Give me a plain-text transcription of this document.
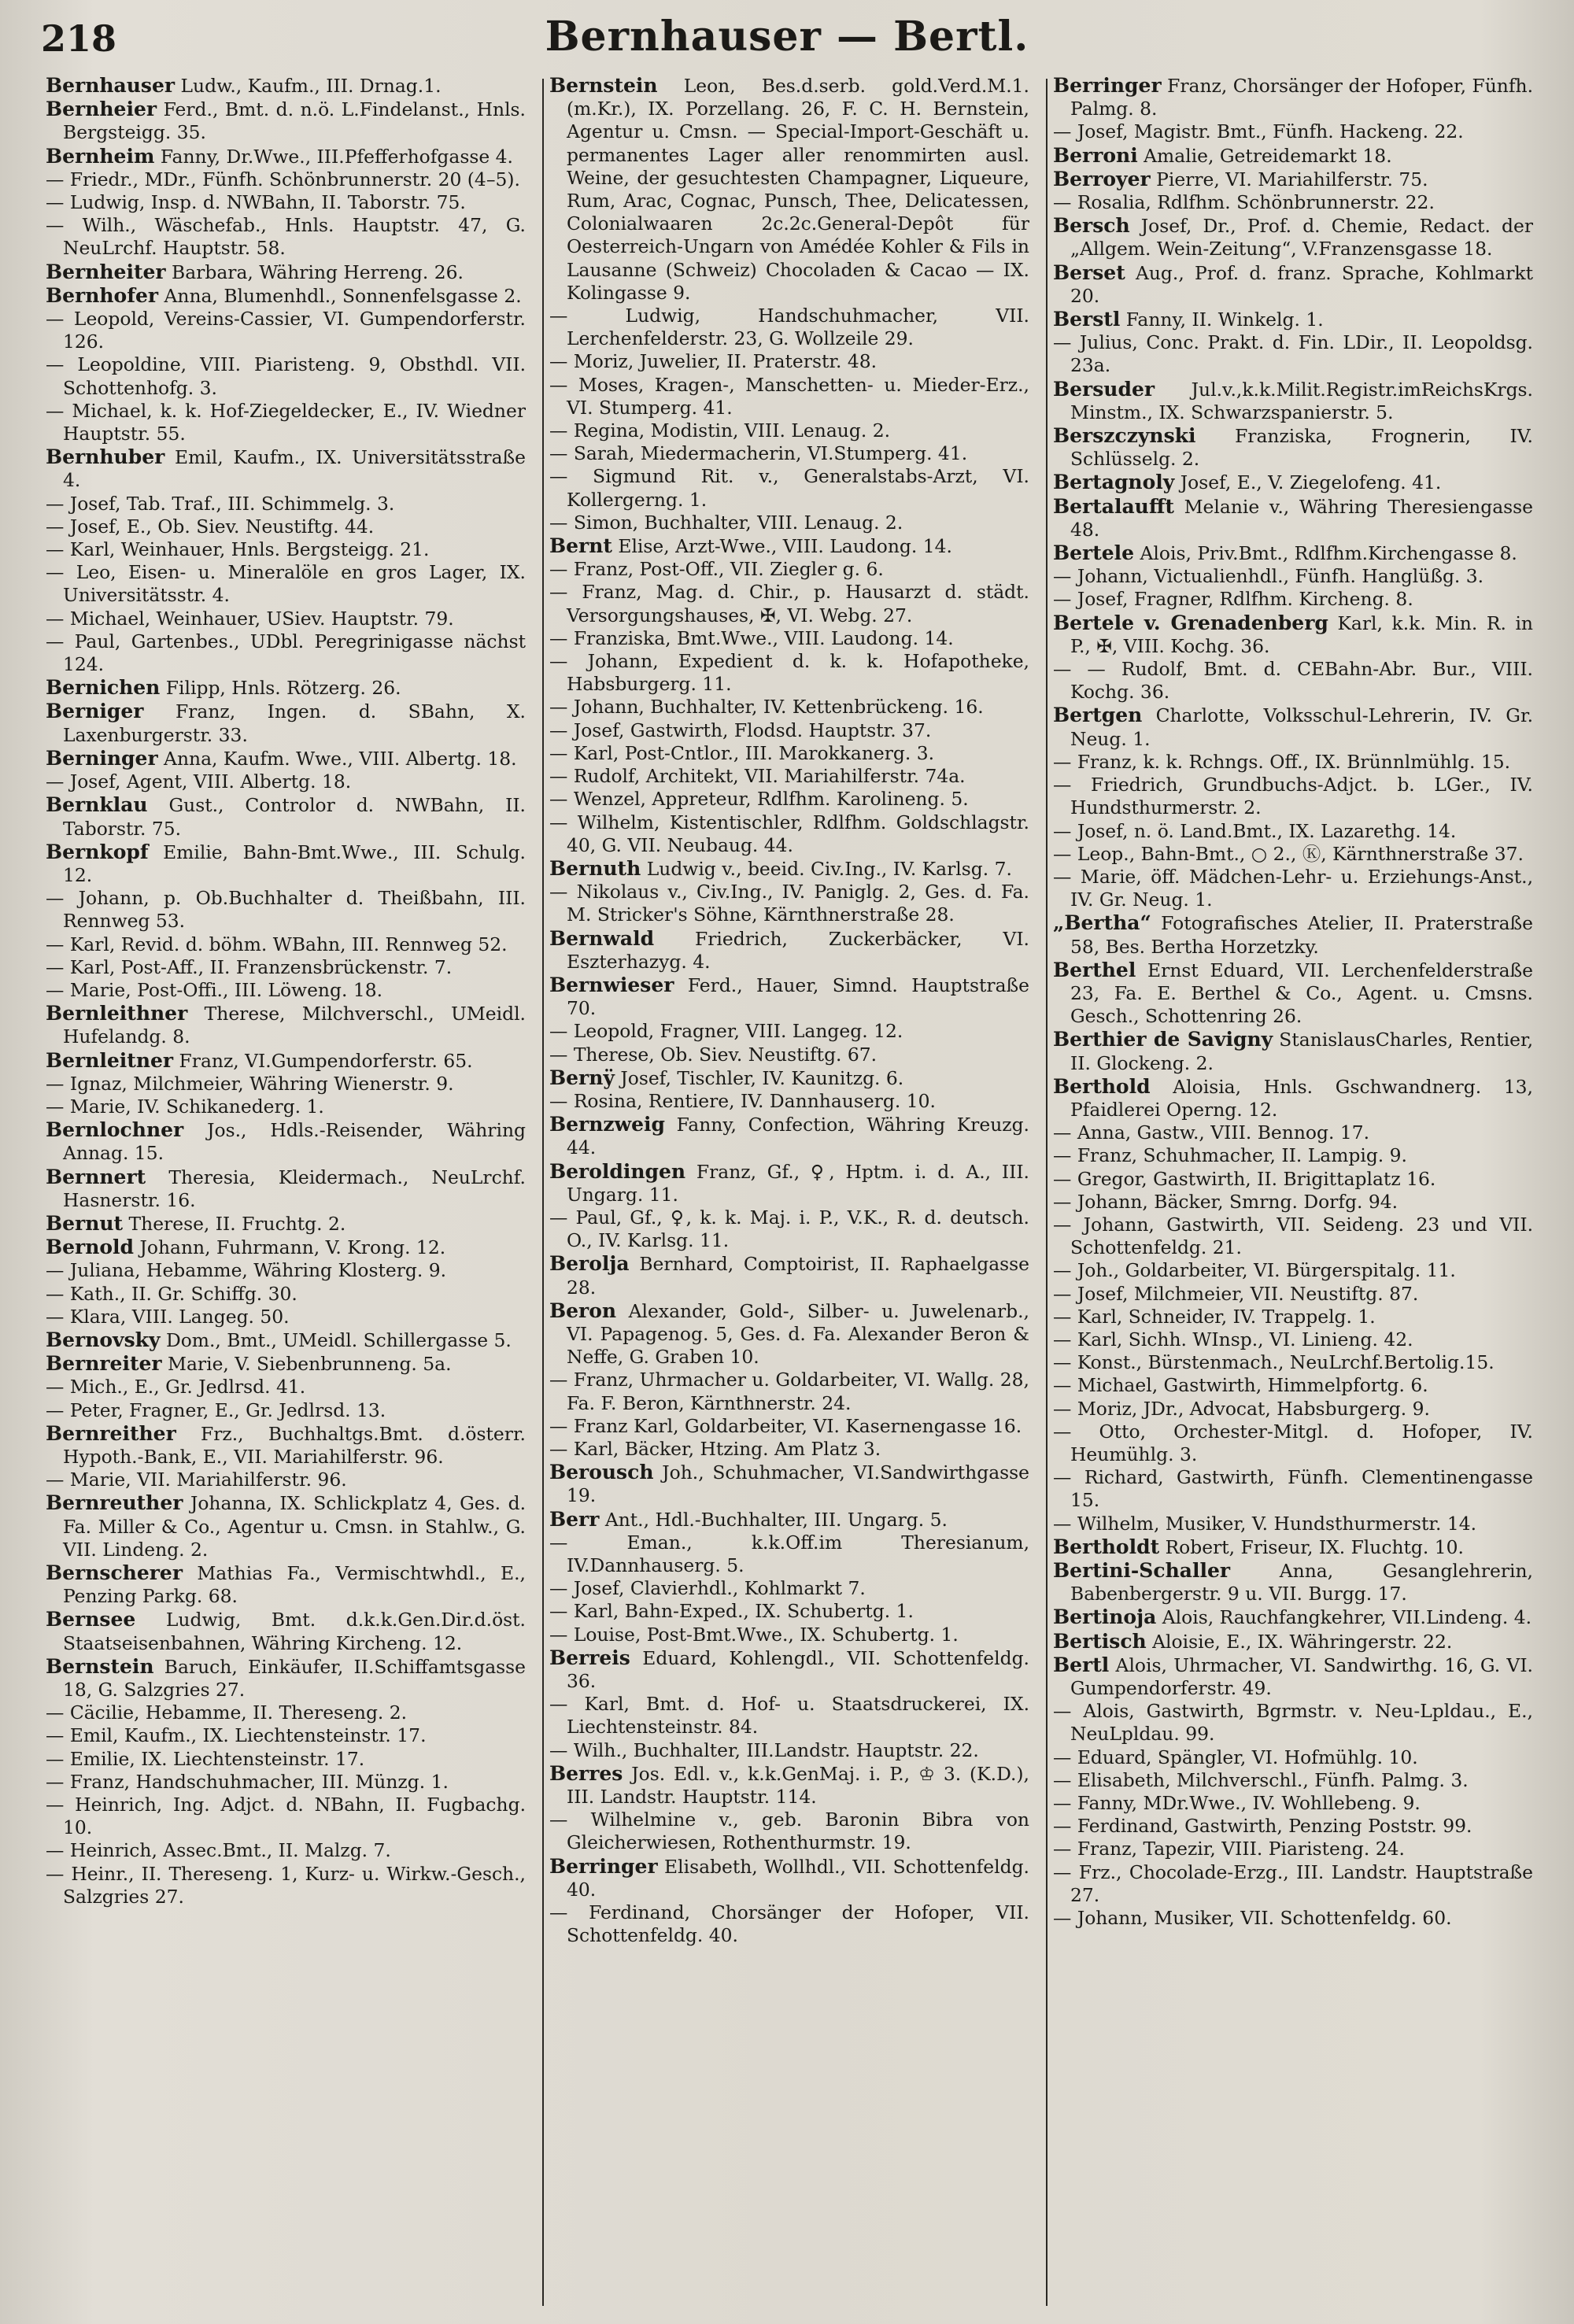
218	Bernhauser — Bertl.

Bernhauser Ludw., Kaufm., III. Drnag.1.

Bernheier Ferd., Bmt. d. n.ö. L.Findelanst., Hnls. Bergsteigg. 35.

Bernheim Fanny, Dr.Wwe., III.Pfefferhofgasse 4.

— Friedr., MDr., Fünfh. Schönbrunnerstr. 20 (4–5).

— Ludwig, Insp. d. NWBahn, II. Taborstr. 75.

— Wilh., Wäschefab., Hnls. Hauptstr. 47, G. NeuLrchf. Hauptstr. 58.

Bernheiter Barbara, Währing Herreng. 26.

Bernhofer Anna, Blumenhdl., Sonnenfelsgasse 2.

— Leopold, Vereins-Cassier, VI. Gumpendorferstr. 126.

— Leopoldine, VIII. Piaristeng. 9, Obsthdl. VII. Schottenhofg. 3.

— Michael, k. k. Hof-Ziegeldecker, E., IV. Wiedner Hauptstr. 55.

Bernhuber Emil, Kaufm., IX. Universitätsstraße 4.

— Josef, Tab. Traf., III. Schimmelg. 3.

— Josef, E., Ob. Siev. Neustiftg. 44.

— Karl, Weinhauer, Hnls. Bergsteigg. 21.

— Leo, Eisen- u. Mineralöle en gros Lager, IX. Universitätsstr. 4.

— Michael, Weinhauer, USiev. Hauptstr. 79.

— Paul, Gartenbes., UDbl. Peregrinigasse nächst 124.

Bernichen Filipp, Hnls. Rötzerg. 26.

Berniger Franz, Ingen. d. SBahn, X. Laxenburgerstr. 33.

Berninger Anna, Kaufm. Wwe., VIII. Albertg. 18.

— Josef, Agent, VIII. Albertg. 18.

Bernklau Gust., Controlor d. NWBahn, II. Taborstr. 75.

Bernkopf Emilie, Bahn-Bmt.Wwe., III. Schulg. 12.

— Johann, p. Ob.Buchhalter d. Theißbahn, III. Rennweg 53.

— Karl, Revid. d. böhm. WBahn, III. Rennweg 52.

— Karl, Post-Aff., II. Franzensbrückenstr. 7.

— Marie, Post-Offi., III. Löweng. 18.

Bernleithner Therese, Milchverschl., UMeidl. Hufelandg. 8.

Bernleitner Franz, VI.Gumpendorferstr. 65.

— Ignaz, Milchmeier, Währing Wienerstr. 9.

— Marie, IV. Schikanederg. 1.

Bernlochner Jos., Hdls.-Reisender, Währing Annag. 15.

Bernnert Theresia, Kleidermach., NeuLrchf. Hasnerstr. 16.

Bernut Therese, II. Fruchtg. 2.

Bernold Johann, Fuhrmann, V. Krong. 12.

— Juliana, Hebamme, Währing Klosterg. 9.

— Kath., II. Gr. Schiffg. 30.

— Klara, VIII. Langeg. 50.

Bernovsky Dom., Bmt., UMeidl. Schillergasse 5.

Bernreiter Marie, V. Siebenbrunneng. 5a.

— Mich., E., Gr. Jedlrsd. 41.

— Peter, Fragner, E., Gr. Jedlrsd. 13.

Bernreither Frz., Buchhaltgs.Bmt. d.österr. Hypoth.-Bank, E., VII. Mariahilferstr. 96.

— Marie, VII. Mariahilferstr. 96.

Bernreuther Johanna, IX. Schlickplatz 4, Ges. d. Fa. Miller & Co., Agentur u. Cmsn. in Stahlw., G. VII. Lindeng. 2.

Bernscherer Mathias Fa., Vermischtwhdl., E., Penzing Parkg. 68.

Bernsee Ludwig, Bmt. d.k.k.Gen.Dir.d.öst. Staatseisenbahnen, Währing Kircheng. 12.

Bernstein Baruch, Einkäufer, II.Schiffamtsgasse 18, G. Salzgries 27.

— Cäcilie, Hebamme, II. Thereseng. 2.

— Emil, Kaufm., IX. Liechtensteinstr. 17.

— Emilie, IX. Liechtensteinstr. 17.

— Franz, Handschuhmacher, III. Münzg. 1.

— Heinrich, Ing. Adjct. d. NBahn, II. Fugbachg. 10.

— Heinrich, Assec.Bmt., II. Malzg. 7.

— Heinr., II. Thereseng. 1, Kurz- u. Wirkw.-Gesch., Salzgries 27.

Bernstein Leon, Bes.d.serb. gold.Verd.M.1. (m.Kr.), IX. Porzellang. 26, F. C. H. Bernstein, Agentur u. Cmsn. — Special-Import-Geschäft u. permanentes Lager aller renommirten ausl. Weine, der gesuchtesten Champagner, Liqueure, Rum, Arac, Cognac, Punsch, Thee, Delicatessen, Colonialwaaren 2c.2c.General-Depôt für Oesterreich-Ungarn von Amédée Kohler & Fils in Lausanne (Schweiz) Chocoladen & Cacao — IX. Kolingasse 9.

— Ludwig, Handschuhmacher, VII. Lerchenfelderstr. 23, G. Wollzeile 29.

— Moriz, Juwelier, II. Praterstr. 48.

— Moses, Kragen-, Manschetten- u. Mieder-Erz., VI. Stumperg. 41.

— Regina, Modistin, VIII. Lenaug. 2.

— Sarah, Miedermacherin, VI.Stumperg. 41.

— Sigmund Rit. v., Generalstabs-Arzt, VI. Kollergerng. 1.

— Simon, Buchhalter, VIII. Lenaug. 2.

Bernt Elise, Arzt-Wwe., VIII. Laudong. 14.

— Franz, Post-Off., VII. Ziegler g. 6.

— Franz, Mag. d. Chir., p. Hausarzt d. städt. Versorgungshauses, ✠, VI. Webg. 27.

— Franziska, Bmt.Wwe., VIII. Laudong. 14.

— Johann, Expedient d. k. k. Hofapotheke, Habsburgerg. 11.

— Johann, Buchhalter, IV. Kettenbrückeng. 16.

— Josef, Gastwirth, Flodsd. Hauptstr. 37.

— Karl, Post-Cntlor., III. Marokkanerg. 3.

— Rudolf, Architekt, VII. Mariahilferstr. 74a.

— Wenzel, Appreteur, Rdlfhm. Karolineng. 5.

— Wilhelm, Kistentischler, Rdlfhm. Goldschlagstr. 40, G. VII. Neubaug. 44.

Bernuth Ludwig v., beeid. Civ.Ing., IV. Karlsg. 7.

— Nikolaus v., Civ.Ing., IV. Paniglg. 2, Ges. d. Fa. M. Stricker's Söhne, Kärnthnerstraße 28.

Bernwald Friedrich, Zuckerbäcker, VI. Eszterhazyg. 4.

Bernwieser Ferd., Hauer, Simnd. Hauptstraße 70.

— Leopold, Fragner, VIII. Langeg. 12.

— Therese, Ob. Siev. Neustiftg. 67.

Bernÿ Josef, Tischler, IV. Kaunitzg. 6.

— Rosina, Rentiere, IV. Dannhauserg. 10.

Bernzweig Fanny, Confection, Währing Kreuzg. 44.

Beroldingen Franz, Gf., ♀, Hptm. i. d. A., III. Ungarg. 11.

— Paul, Gf., ♀, k. k. Maj. i. P., V.K., R. d. deutsch. O., IV. Karlsg. 11.

Berolja Bernhard, Comptoirist, II. Raphaelgasse 28.

Beron Alexander, Gold-, Silber- u. Juwelenarb., VI. Papagenog. 5, Ges. d. Fa. Alexander Beron & Neffe, G. Graben 10.

— Franz, Uhrmacher u. Goldarbeiter, VI. Wallg. 28, Fa. F. Beron, Kärnthnerstr. 24.

— Franz Karl, Goldarbeiter, VI. Kasernengasse 16.

— Karl, Bäcker, Htzing. Am Platz 3.

Berousch Joh., Schuhmacher, VI.Sandwirthgasse 19.

Berr Ant., Hdl.-Buchhalter, III. Ungarg. 5.

— Eman., k.k.Off.im Theresianum, IV.Dannhauserg. 5.

— Josef, Clavierhdl., Kohlmarkt 7.

— Karl, Bahn-Exped., IX. Schubertg. 1.

— Louise, Post-Bmt.Wwe., IX. Schubertg. 1.

Berreis Eduard, Kohlengdl., VII. Schottenfeldg. 36.

— Karl, Bmt. d. Hof- u. Staatsdruckerei, IX. Liechtensteinstr. 84.

— Wilh., Buchhalter, III.Landstr. Hauptstr. 22.

Berres Jos. Edl. v., k.k.GenMaj. i. P., ♔ 3. (K.D.), III. Landstr. Hauptstr. 114.

— Wilhelmine v., geb. Baronin Bibra von Gleicherwiesen, Rothenthurmstr. 19.

Berringer Elisabeth, Wollhdl., VII. Schottenfeldg. 40.

— Ferdinand, Chorsänger der Hofoper, VII. Schottenfeldg. 40.

Berringer Franz, Chorsänger der Hofoper, Fünfh. Palmg. 8.

— Josef, Magistr. Bmt., Fünfh. Hackeng. 22.

Berroni Amalie, Getreidemarkt 18.

Berroyer Pierre, VI. Mariahilferstr. 75.

— Rosalia, Rdlfhm. Schönbrunnerstr. 22.

Bersch Josef, Dr., Prof. d. Chemie, Redact. der „Allgem. Wein-Zeitung“, V.Franzensgasse 18.

Berset Aug., Prof. d. franz. Sprache, Kohlmarkt 20.

Berstl Fanny, II. Winkelg. 1.

— Julius, Conc. Prakt. d. Fin. LDir., II. Leopoldsg. 23a.

Bersuder Jul.v.,k.k.Milit.Registr.imReichsKrgs. Minstm., IX. Schwarzspanierstr. 5.

Berszczynski Franziska, Frognerin, IV. Schlüsselg. 2.

Bertagnoly Josef, E., V. Ziegelofeng. 41.

Bertalaufft Melanie v., Währing Theresiengasse 48.

Bertele Alois, Priv.Bmt., Rdlfhm.Kirchengasse 8.

— Johann, Victualienhdl., Fünfh. Hanglüßg. 3.

— Josef, Fragner, Rdlfhm. Kircheng. 8.

Bertele v. Grenadenberg Karl, k.k. Min. R. in P., ✠, VIII. Kochg. 36.

— — Rudolf, Bmt. d. CEBahn-Abr. Bur., VIII. Kochg. 36.

Bertgen Charlotte, Volksschul-Lehrerin, IV. Gr. Neug. 1.

— Franz, k. k. Rchngs. Off., IX. Brünnlmühlg. 15.

— Friedrich, Grundbuchs-Adjct. b. LGer., IV. Hundsthurmerstr. 2.

— Josef, n. ö. Land.Bmt., IX. Lazarethg. 14.

— Leop., Bahn-Bmt., ○ 2., Ⓚ, Kärnthnerstraße 37.

— Marie, öff. Mädchen-Lehr- u. Erziehungs-Anst., IV. Gr. Neug. 1.

„Bertha“ Fotografisches Atelier, II. Praterstraße 58, Bes. Bertha Horzetzky.

Berthel Ernst Eduard, VII. Lerchenfelderstraße 23, Fa. E. Berthel & Co., Agent. u. Cmsns. Gesch., Schottenring 26.

Berthier de Savigny StanislausCharles, Rentier, II. Glockeng. 2.

Berthold Aloisia, Hnls. Gschwandnerg. 13, Pfaidlerei Operng. 12.

— Anna, Gastw., VIII. Bennog. 17.

— Franz, Schuhmacher, II. Lampig. 9.

— Gregor, Gastwirth, II. Brigittaplatz 16.

— Johann, Bäcker, Smrng. Dorfg. 94.

— Johann, Gastwirth, VII. Seideng. 23 und VII. Schottenfeldg. 21.

— Joh., Goldarbeiter, VI. Bürgerspitalg. 11.

— Josef, Milchmeier, VII. Neustiftg. 87.

— Karl, Schneider, IV. Trappelg. 1.

— Karl, Sichh. WInsp., VI. Linieng. 42.

— Konst., Bürstenmach., NeuLrchf.Bertolig.15.

— Michael, Gastwirth, Himmelpfortg. 6.

— Moriz, JDr., Advocat, Habsburgerg. 9.

— Otto, Orchester-Mitgl. d. Hofoper, IV. Heumühlg. 3.

— Richard, Gastwirth, Fünfh. Clementinengasse 15.

— Wilhelm, Musiker, V. Hundsthurmerstr. 14.

Bertholdt Robert, Friseur, IX. Fluchtg. 10.

Bertini-Schaller Anna, Gesanglehrerin, Babenbergerstr. 9 u. VII. Burgg. 17.

Bertinoja Alois, Rauchfangkehrer, VII.Lindeng. 4.

Bertisch Aloisie, E., IX. Währingerstr. 22.

Bertl Alois, Uhrmacher, VI. Sandwirthg. 16, G. VI. Gumpendorferstr. 49.

— Alois, Gastwirth, Bgrmstr. v. Neu-Lpldau., E., NeuLpldau. 99.

— Eduard, Spängler, VI. Hofmühlg. 10.

— Elisabeth, Milchverschl., Fünfh. Palmg. 3.

— Fanny, MDr.Wwe., IV. Wohllebeng. 9.

— Ferdinand, Gastwirth, Penzing Poststr. 99.

— Franz, Tapezir, VIII. Piaristeng. 24.

— Frz., Chocolade-Erzg., III. Landstr. Hauptstraße 27.

— Johann, Musiker, VII. Schottenfeldg. 60.
